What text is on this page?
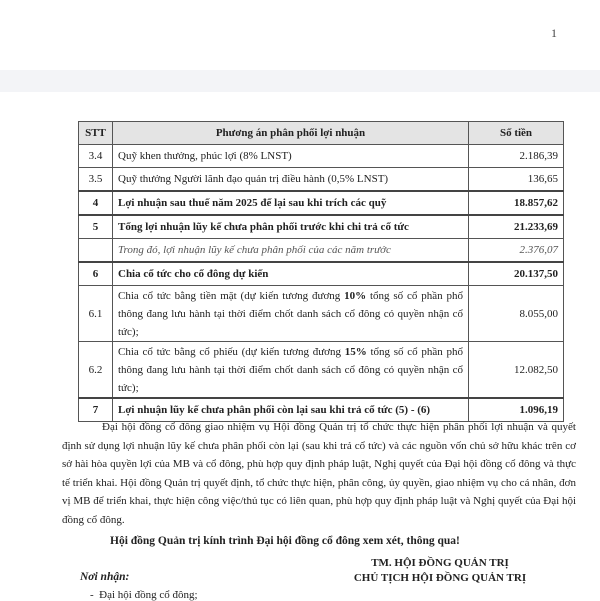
1
STT	Phương án phân phối lợi nhuận	Số tiền
3.4	Quỹ khen thưởng, phúc lợi (8% LNST)	2.186,39
3.5	Quỹ thưởng Người lãnh đạo quản trị điều hành (0,5% LNST)	136,65
4	Lợi nhuận sau thuế năm 2025 để lại sau khi trích các quỹ	18.857,62
5	Tổng lợi nhuận lũy kế chưa phân phối trước khi chi trả cổ tức	21.233,69
	Trong đó, lợi nhuận lũy kế chưa phân phối của các năm trước	2.376,07
6	Chia cổ tức cho cổ đông dự kiến	20.137,50
6.1	Chia cổ tức bằng tiền mặt (dự kiến tương đương 10% tổng số cổ phần phổ thông đang lưu hành tại thời điểm chốt danh sách cổ đông có quyền nhận cổ tức);	8.055,00
6.2	Chia cổ tức bằng cổ phiếu (dự kiến tương đương 15% tổng số cổ phần phổ thông đang lưu hành tại thời điểm chốt danh sách cổ đông có quyền nhận cổ tức);	12.082,50
7	Lợi nhuận lũy kế chưa phân phối còn lại sau khi trả cổ tức (5) - (6)	1.096,19
Đại hội đồng cổ đông giao nhiệm vụ Hội đồng Quản trị tổ chức thực hiện phân phối lợi nhuận và quyết định sử dụng lợi nhuận lũy kế chưa phân phối còn lại (sau khi trả cổ tức) và các nguồn vốn chủ sở hữu khác trên cơ sở hài hòa quyền lợi của MB và cổ đông, phù hợp quy định pháp luật, Nghị quyết của Đại hội đồng cổ đông và thực tế triển khai. Hội đồng Quản trị quyết định, tổ chức thực hiện, phân công, ủy quyền, giao nhiệm vụ cho cá nhân, đơn vị MB để triển khai, thực hiện công việc/thủ tục có liên quan, phù hợp quy định pháp luật và Nghị quyết của Đại hội đồng cổ đông.
Hội đồng Quản trị kính trình Đại hội đồng cổ đông xem xét, thông qua!
TM. HỘI ĐỒNG QUẢN TRỊ
CHỦ TỊCH HỘI ĐỒNG QUẢN TRỊ
Nơi nhận:
-  Đại hội đồng cổ đông;
